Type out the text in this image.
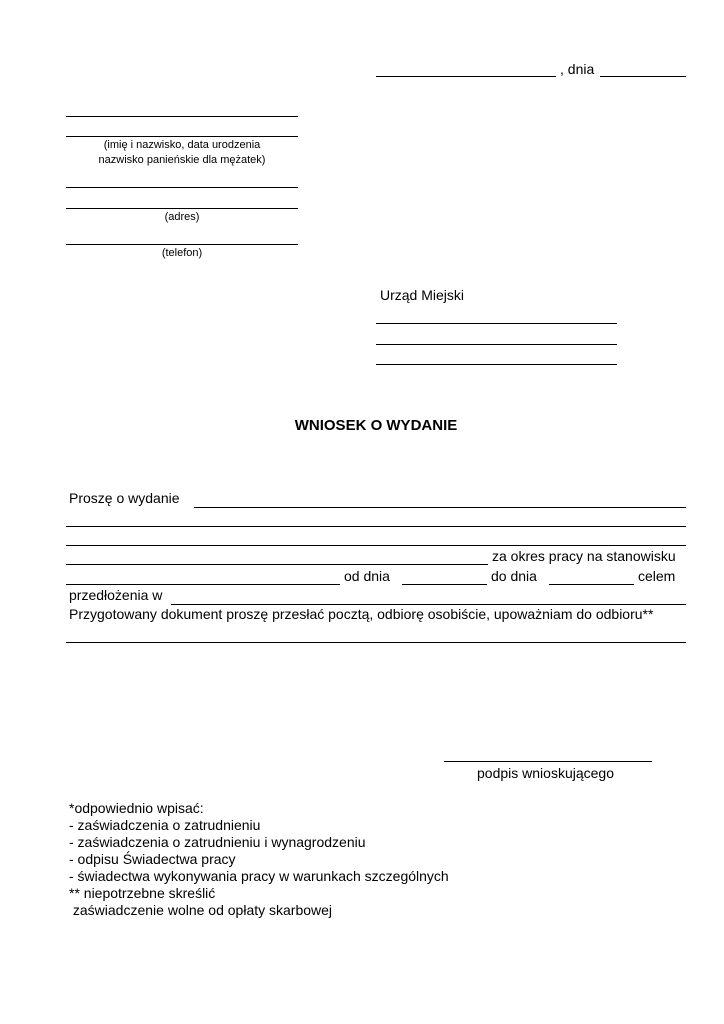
, dnia
(imię i nazwisko, data urodzenia
nazwisko panieńskie dla mężatek)
(adres)
(telefon)
Urząd Miejski
WNIOSEK O WYDANIE
Proszę o wydanie
za okres pracy na stanowisku
od dnia	do dnia	celem
przedłożenia w
Przygotowany dokument proszę przesłać pocztą, odbiorę osobiście, upoważniam do odbioru**
podpis wnioskującego
*odpowiednio wpisać:
- zaświadczenia o zatrudnieniu
- zaświadczenia o zatrudnieniu i wynagrodzeniu
- odpisu Świadectwa pracy
- świadectwa wykonywania pracy w warunkach szczególnych
** niepotrzebne skreślić
zaświadczenie wolne od opłaty skarbowej
